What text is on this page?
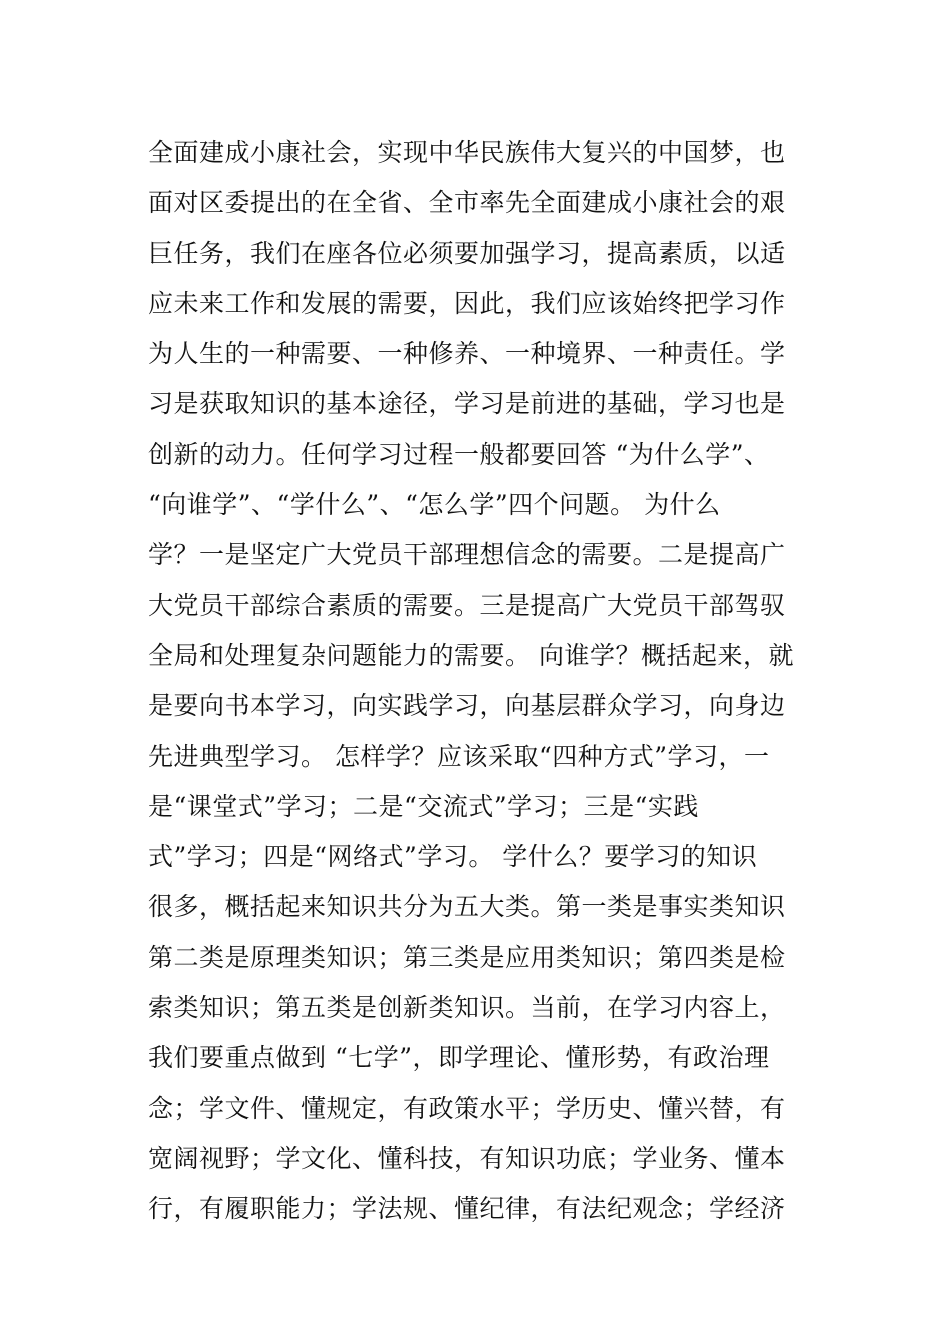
全面建成小康社会，实现中华民族伟大复兴的中国梦，也
面对区委提出的在全省、全市率先全面建成小康社会的艰
巨任务，我们在座各位必须要加强学习，提高素质，以适
应未来工作和发展的需要，因此，我们应该始终把学习作
为人生的一种需要、一种修养、一种境界、一种责任。学
习是获取知识的基本途径，学习是前进的基础，学习也是
创新的动力。任何学习过程一般都要回答 “为什么学”、
“向谁学”、“学什么”、“怎么学”四个问题。 为什么
学？一是坚定广大党员干部理想信念的需要。二是提高广
大党员干部综合素质的需要。三是提高广大党员干部驾驭
全局和处理复杂问题能力的需要。 向谁学？概括起来，就
是要向书本学习，向实践学习，向基层群众学习，向身边
先进典型学习。 怎样学？应该采取“四种方式”学习，一
是“课堂式”学习；二是“交流式”学习；三是“实践
式”学习；四是“网络式”学习。 学什么？要学习的知识
很多，概括起来知识共分为五大类。第一类是事实类知识
第二类是原理类知识；第三类是应用类知识；第四类是检
索类知识；第五类是创新类知识。当前，在学习内容上，
我们要重点做到 “七学”，即学理论、懂形势，有政治理
念；学文件、懂规定，有政策水平；学历史、懂兴替，有
宽阔视野；学文化、懂科技，有知识功底；学业务、懂本
行，有履职能力；学法规、懂纪律，有法纪观念；学经济
